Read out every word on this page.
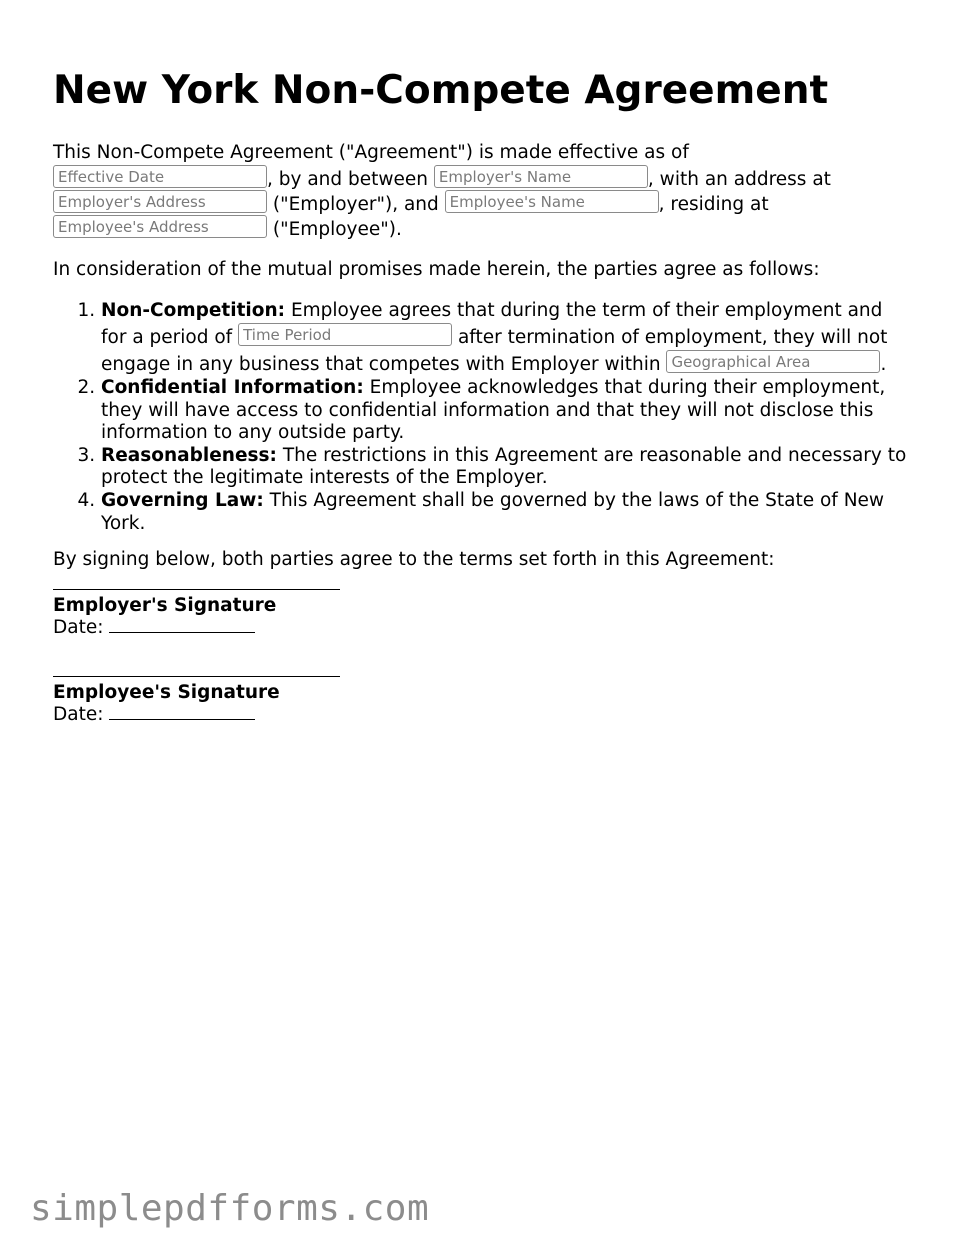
New York Non-Compete Agreement
This Non-Compete Agreement ("Agreement") is made effective as of
Effective Date	, by and between Employer's Name	, with an address at
Employer's Address	("Employer"), and Employee's Name	, residing at
Employee's Address	("Employee").
In consideration of the mutual promises made herein, the parties agree as follows:
1. Non-Competition: Employee agrees that during the term of their employment and for a period of Time Period	after termination of employment, they will not engage in any business that competes with Employer within Geographical Area	.
2. Confidential Information: Employee acknowledges that during their employment, they will have access to confidential information and that they will not disclose this information to any outside party.
3. Reasonableness: The restrictions in this Agreement are reasonable and necessary to protect the legitimate interests of the Employer.
4. Governing Law: This Agreement shall be governed by the laws of the State of New York.
By signing below, both parties agree to the terms set forth in this Agreement:
Employer's Signature
Date:
Employee's Signature
Date:
simplepdfforms.com
